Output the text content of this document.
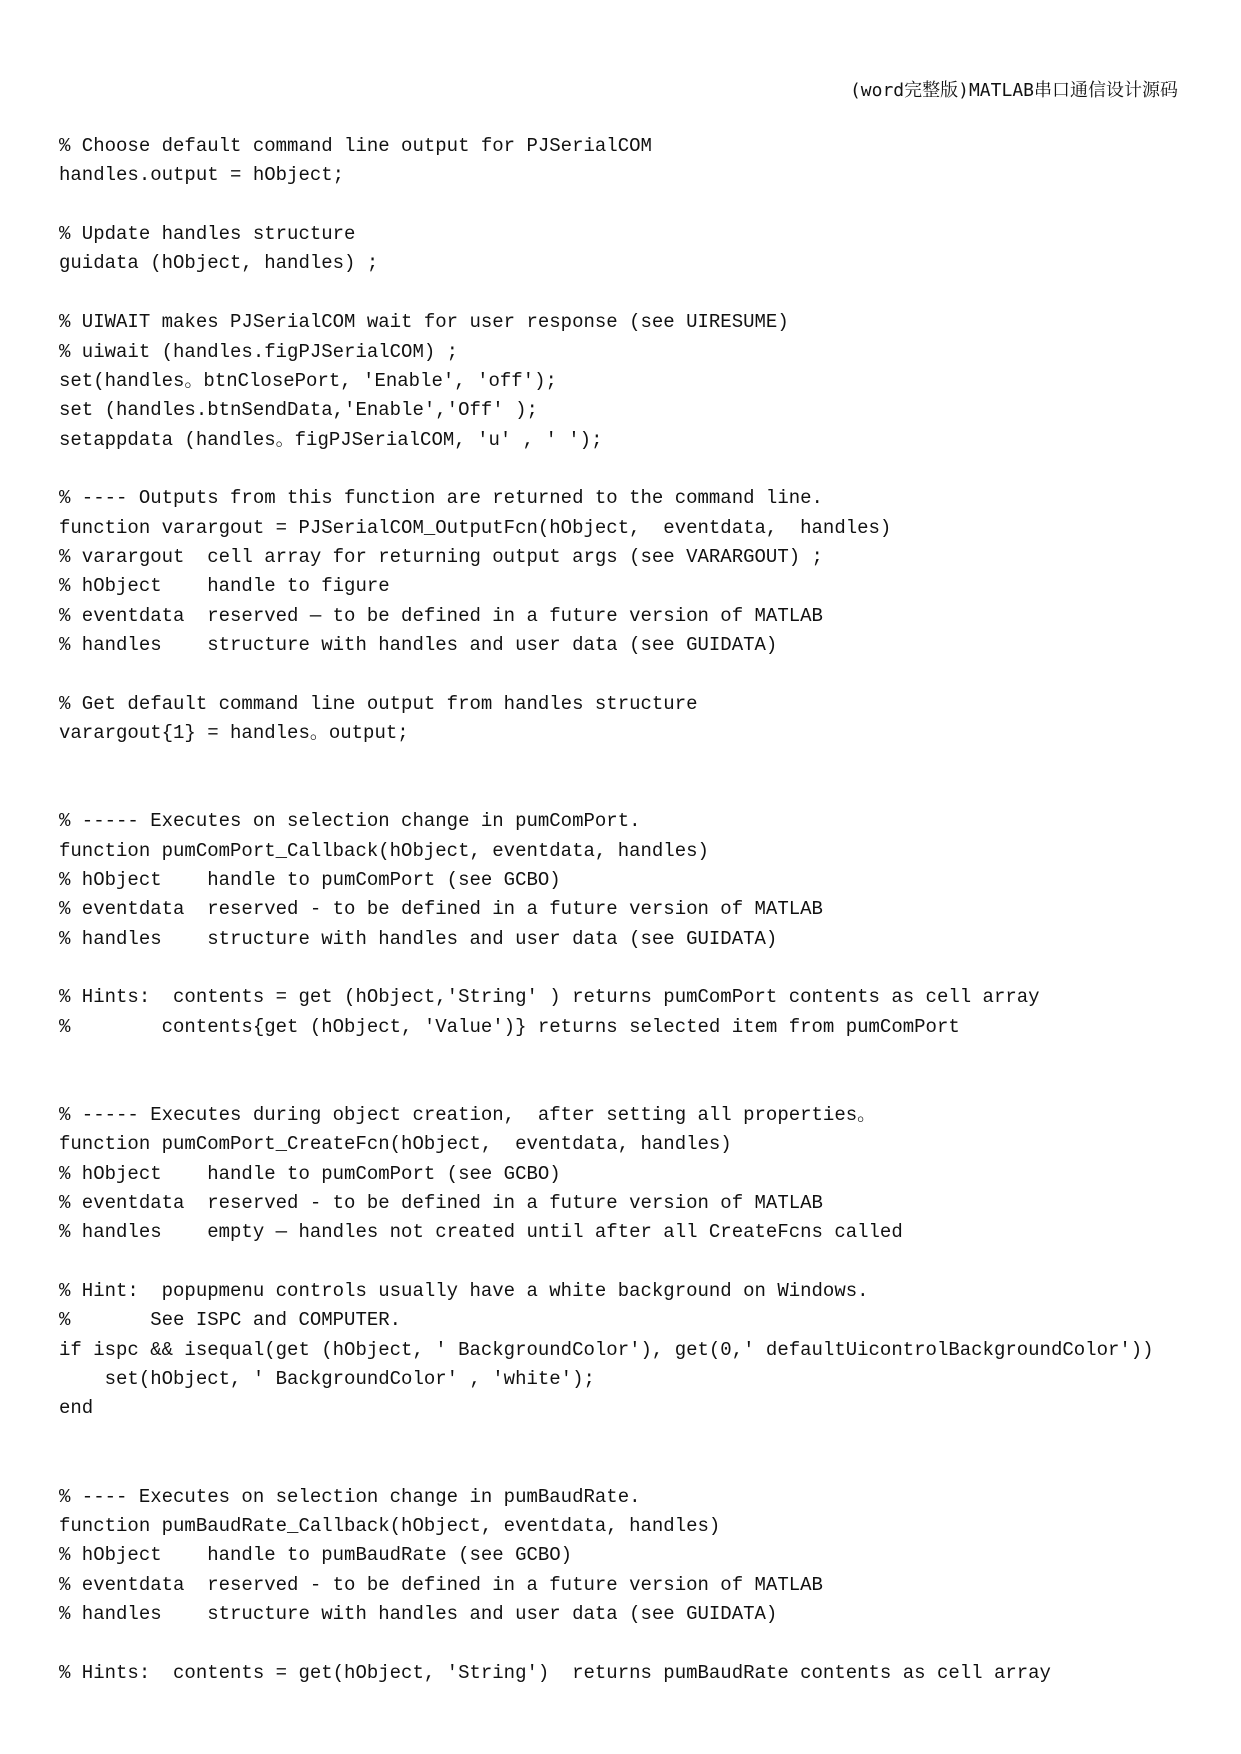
(word完整版)MATLAB串口通信设计源码
% Choose default command line output for PJSerialCOM
handles.output = hObject;
% Update handles structure
guidata (hObject, handles) ;
% UIWAIT makes PJSerialCOM wait for user response (see UIRESUME)
% uiwait (handles.figPJSerialCOM) ;
set(handles。btnClosePort, 'Enable', 'off');
set (handles.btnSendData,'Enable','Off' );
setappdata (handles。figPJSerialCOM, 'u' , ' ');
% ---- Outputs from this function are returned to the command line.
function varargout = PJSerialCOM_OutputFcn(hObject,  eventdata,  handles)
% varargout  cell array for returning output args (see VARARGOUT) ;
% hObject    handle to figure
% eventdata  reserved — to be defined in a future version of MATLAB
% handles    structure with handles and user data (see GUIDATA)
% Get default command line output from handles structure
varargout{1} = handles。output;
% ----- Executes on selection change in pumComPort.
function pumComPort_Callback(hObject, eventdata, handles)
% hObject    handle to pumComPort (see GCBO)
% eventdata  reserved - to be defined in a future version of MATLAB
% handles    structure with handles and user data (see GUIDATA)
% Hints:  contents = get (hObject,'String' ) returns pumComPort contents as cell array
%        contents{get (hObject, 'Value')} returns selected item from pumComPort
% ----- Executes during object creation,  after setting all properties。
function pumComPort_CreateFcn(hObject,  eventdata, handles)
% hObject    handle to pumComPort (see GCBO)
% eventdata  reserved - to be defined in a future version of MATLAB
% handles    empty — handles not created until after all CreateFcns called
% Hint:  popupmenu controls usually have a white background on Windows.
%       See ISPC and COMPUTER.
if ispc && isequal(get (hObject, ' BackgroundColor'), get(0,' defaultUicontrolBackgroundColor'))
set(hObject, ' BackgroundColor' , 'white');
end
% ---- Executes on selection change in pumBaudRate.
function pumBaudRate_Callback(hObject, eventdata, handles)
% hObject    handle to pumBaudRate (see GCBO)
% eventdata  reserved - to be defined in a future version of MATLAB
% handles    structure with handles and user data (see GUIDATA)
% Hints:  contents = get(hObject, 'String')  returns pumBaudRate contents as cell array
